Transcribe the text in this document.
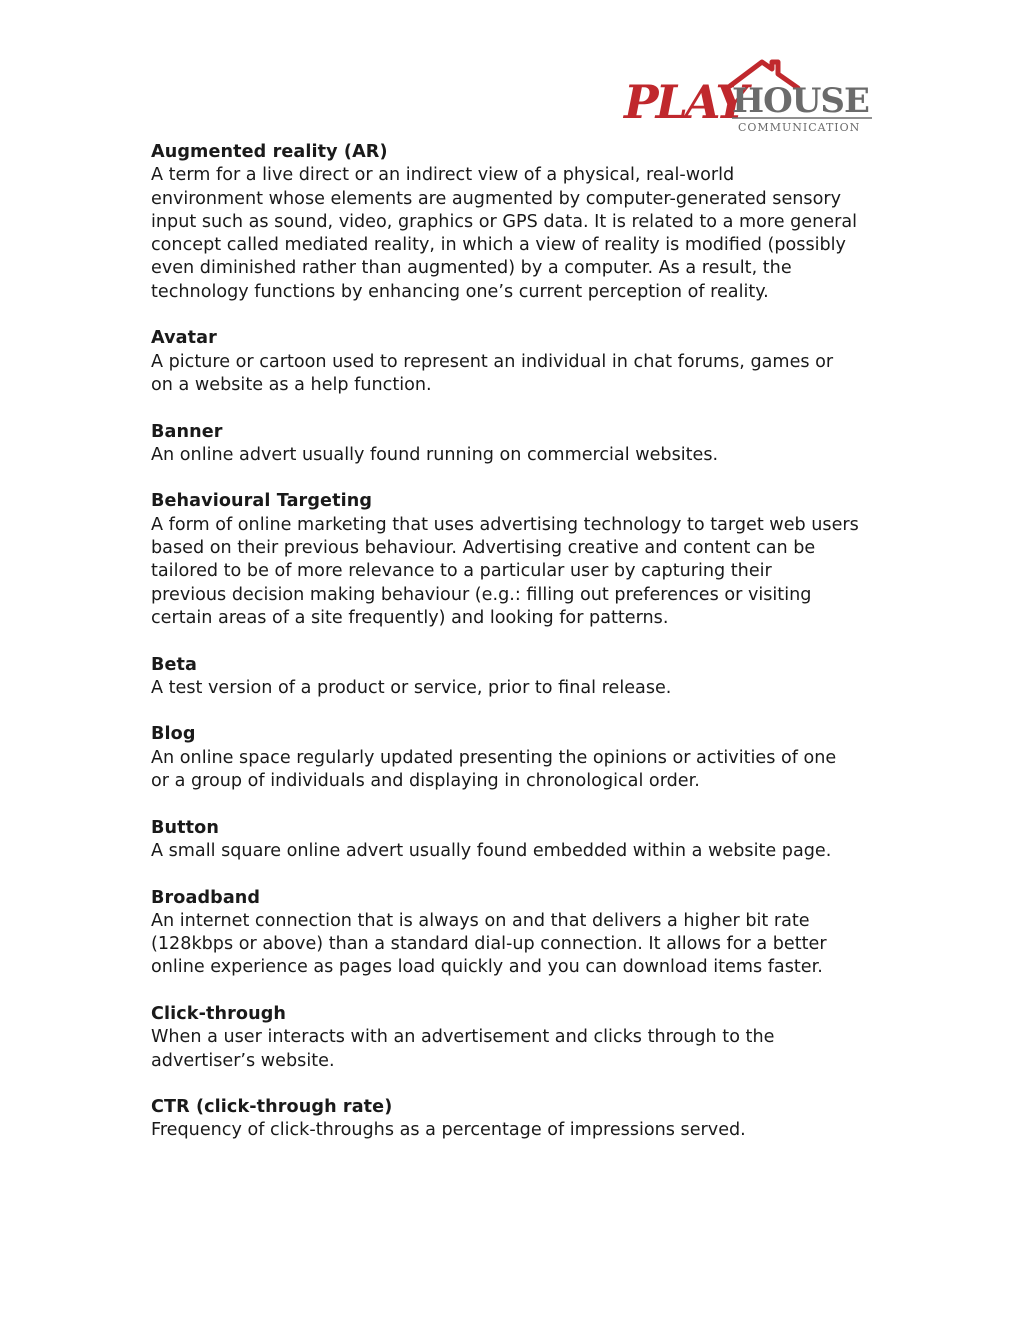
PLAY
HOUSE
COMMUNICATION
Augmented reality (AR)
A term for a live direct or an indirect view of a physical, real-world
environment whose elements are augmented by computer-generated sensory
input such as sound, video, graphics or GPS data. It is related to a more general
concept called mediated reality, in which a view of reality is modified (possibly
even diminished rather than augmented) by a computer. As a result, the
technology functions by enhancing one’s current perception of reality.
Avatar
A picture or cartoon used to represent an individual in chat forums, games or
on a website as a help function.
Banner
An online advert usually found running on commercial websites.
Behavioural Targeting
A form of online marketing that uses advertising technology to target web users
based on their previous behaviour. Advertising creative and content can be
tailored to be of more relevance to a particular user by capturing their
previous decision making behaviour (e.g.: filling out preferences or visiting
certain areas of a site frequently) and looking for patterns.
Beta
A test version of a product or service, prior to final release.
Blog
An online space regularly updated presenting the opinions or activities of one
or a group of individuals and displaying in chronological order.
Button
A small square online advert usually found embedded within a website page.
Broadband
An internet connection that is always on and that delivers a higher bit rate
(128kbps or above) than a standard dial-up connection. It allows for a better
online experience as pages load quickly and you can download items faster.
Click-through
When a user interacts with an advertisement and clicks through to the
advertiser’s website.
CTR (click-through rate)
Frequency of click-throughs as a percentage of impressions served.
